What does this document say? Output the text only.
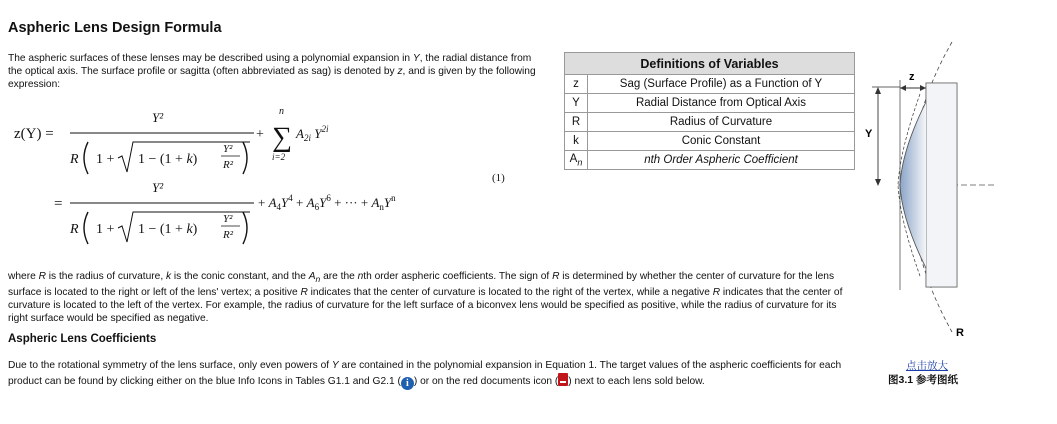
Aspheric Lens Design Formula
The aspheric surfaces of these lenses may be described using a polynomial expansion in Y, the radial distance from the optical axis. The surface profile or sagitta (often abbreviated as sag) is denoted by z, and is given by the following expression:
z(Y) =
Y²
R 1 + 1 − (1 + k)
Y²
R²
+ ∑
n
i=2
$A_{2i}$ $Y^{2i}$
=
Y²
R 1 + 1 − (1 + k)
Y²
R²
+ $A_4Y^4 + A_6Y^6$ + ··· + $A_nY^n$
(1)
Definitions of Variables	
z	Sag (Surface Profile) as a Function of Y
Y	Radial Distance from Optical Axis
R	Radius of Curvature
k	Conic Constant
$A_n$	nth Order Aspheric Coefficient
where R is the radius of curvature, k is the conic constant, and the $A_n$ are the nth order aspheric coefficients. The sign of R is determined by whether the center of curvature for the lens surface is located to the right or left of the lens' vertex; a positive R indicates that the center of curvature is located to the right of the vertex, while a negative R indicates that the center of curvature is located to the left of the vertex. For example, the radius of curvature for the left surface of a biconvex lens would be specified as positive, while the radius of curvature for its right surface would be specified as negative.
Aspheric Lens Coefficients
Due to the rotational symmetry of the lens surface, only even powers of Y are contained in the polynomial expansion in Equation 1. The target values of the aspheric coefficients for each product can be found by clicking either on the blue Info Icons in Tables G1.1 and G2.1 ( i ) or on the red documents icon ( ) next to each lens sold below.
z
Y
R
点击放大
图3.1 参考图纸
